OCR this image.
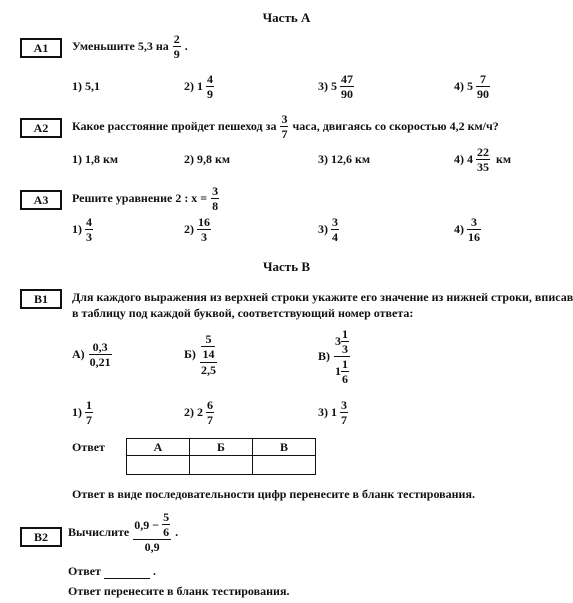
Часть А
А1	Уменьшите 5,3 на $\frac{2}{9}$ .
1) 5,1	2) $1 \frac{4}{9}$	3) $5 \frac{47}{90}$	4) $5 \frac{7}{90}$
А2	Какое расстояние пройдет пешеход за $\frac{3}{7}$ часа, двигаясь со скоростью 4,2 км/ч?
1) 1,8 км	2) 9,8 км	3) 12,6 км	4) $4 \frac{22}{35}$ км
А3	Решите уравнение 2 : $x = \frac{3}{8}$
$1) \frac{4}{3}$	$2) \frac{16}{3}$	$3) \frac{3}{4}$	$4) \frac{3}{16}$
Часть В
В1	Для каждого выражения из верхней строки укажите его значение из нижней строки, вписав
в таблицу под каждой буквой, соответствующий номер ответа:
$А) \frac{0,3}{0,21}$	$Б) \frac{\frac{5}{14}}{2,5}$	$В) \frac{3 \frac{1}{3}}{1 \frac{1}{6}}$
$1) \frac{1}{7}$	2) $2 \frac{6}{7}$	3) $1 \frac{3}{7}$
Ответ	А	Б	В

Ответ в виде последовательности цифр перенесите в бланк тестирования.
В2	Вычислите $\frac{0,9 - \frac{5}{6}}{0,9}$ .
Ответ	.
Ответ перенесите в бланк тестирования.
